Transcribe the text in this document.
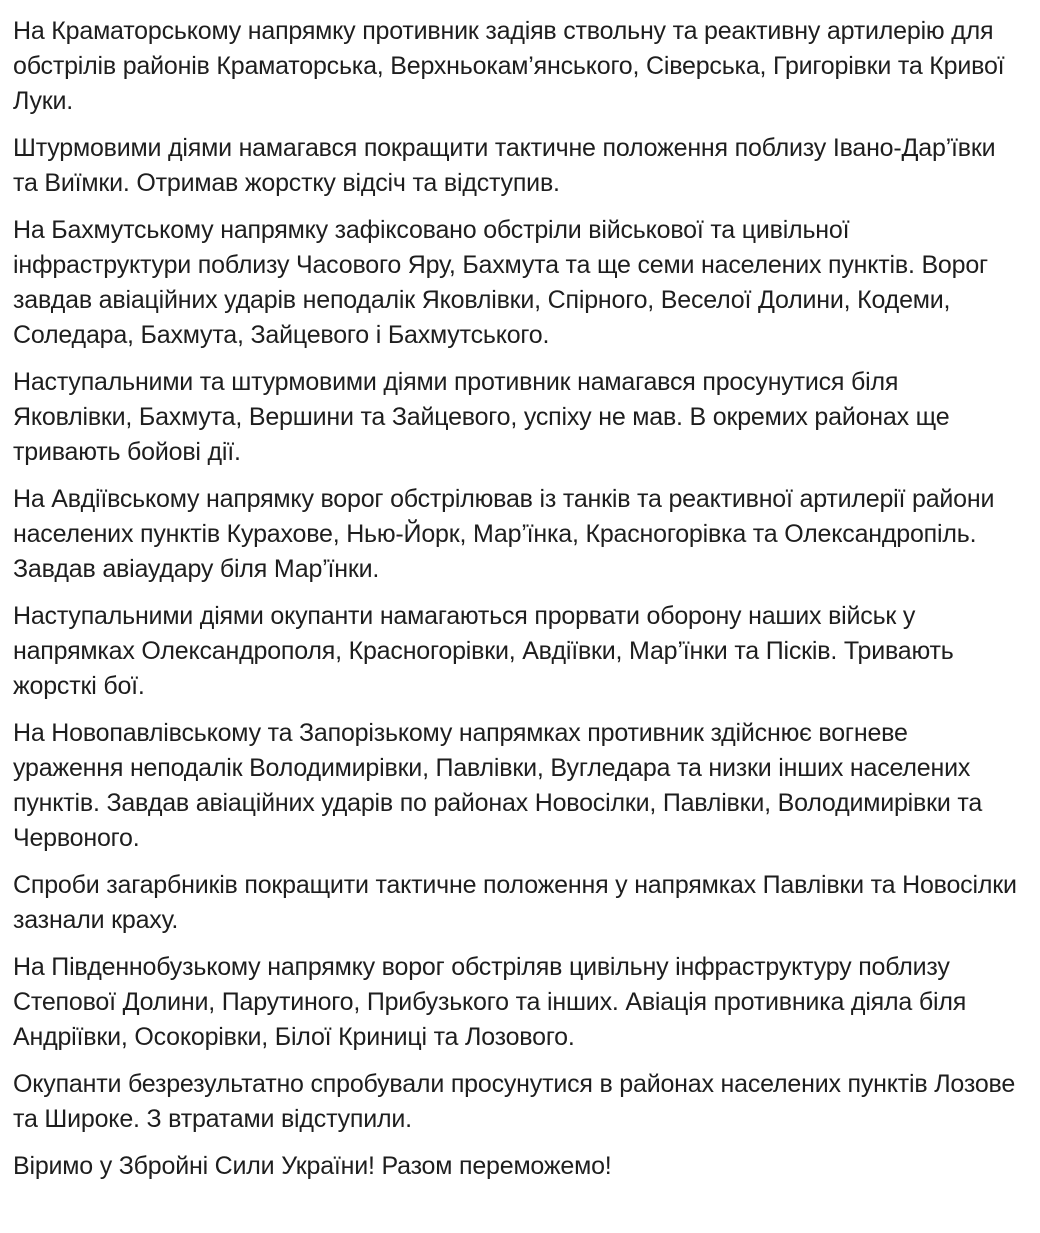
На Краматорському напрямку противник задіяв ствольну та реактивну артилерію для обстрілів районів Краматорська, Верхньокам’янського, Сіверська, Григорівки та Кривої Луки.

Штурмовими діями намагався покращити тактичне положення поблизу Івано-Дар’ївки та Виїмки. Отримав жорстку відсіч та відступив.

На Бахмутському напрямку зафіксовано обстріли військової та цивільної інфраструктури поблизу Часового Яру, Бахмута та ще семи населених пунктів. Ворог завдав авіаційних ударів неподалік Яковлівки, Спірного, Веселої Долини, Кодеми, Соледара, Бахмута, Зайцевого і Бахмутського.

Наступальними та штурмовими діями противник намагався просунутися біля Яковлівки, Бахмута, Вершини та Зайцевого, успіху не мав. В окремих районах ще тривають бойові дії.

На Авдіївському напрямку ворог обстрілював із танків та реактивної артилерії райони населених пунктів Курахове, Нью-Йорк, Мар’їнка, Красногорівка та Олександропіль. Завдав авіаудару біля Мар’їнки.

Наступальними діями окупанти намагаються прорвати оборону наших військ у напрямках Олександрополя, Красногорівки, Авдіївки, Мар’їнки та Пісків. Тривають жорсткі бої.

На Новопавлівському та Запорізькому напрямках противник здійснює вогневе ураження неподалік Володимирівки, Павлівки, Вугледара та низки інших населених пунктів. Завдав авіаційних ударів по районах Новосілки, Павлівки, Володимирівки та Червоного.

Спроби загарбників покращити тактичне положення у напрямках Павлівки та Новосілки зазнали краху.

На Південнобузькому напрямку ворог обстріляв цивільну інфраструктуру поблизу Степової Долини, Парутиного, Прибузького та інших. Авіація противника діяла біля Андріївки, Осокорівки, Білої Криниці та Лозового.

Окупанти безрезультатно спробували просунутися в районах населених пунктів Лозове та Широке. З втратами відступили.

Віримо у Збройні Сили України! Разом переможемо!
